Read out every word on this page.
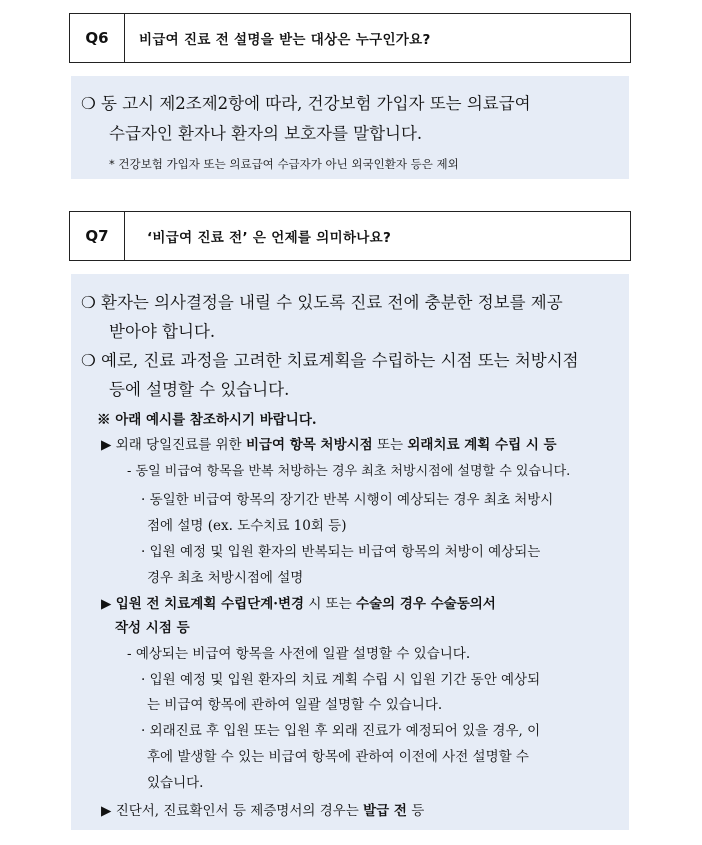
Q6	비급여 진료 전 설명을 받는 대상은 누구인가요?
❍ 동 고시 제2조제2항에 따라, 건강보험 가입자 또는 의료급여
수급자인 환자나 환자의 보호자를 말합니다.
* 건강보험 가입자 또는 의료급여 수급자가 아닌 외국인환자 등은 제외
Q7	‘비급여 진료 전’ 은 언제를 의미하나요?
❍ 환자는 의사결정을 내릴 수 있도록 진료 전에 충분한 정보를 제공
받아야 합니다.
❍ 예로, 진료 과정을 고려한 치료계획을 수립하는 시점 또는 처방시점
등에 설명할 수 있습니다.
※ 아래 예시를 참조하시기 바랍니다.
▶ 외래 당일진료를 위한 비급여 항목 처방시점 또는 외래치료 계획 수립 시 등
- 동일 비급여 항목을 반복 처방하는 경우 최초 처방시점에 설명할 수 있습니다.
· 동일한 비급여 항목의 장기간 반복 시행이 예상되는 경우 최초 처방시
점에 설명 (ex. 도수치료 10회 등)
· 입원 예정 및 입원 환자의 반복되는 비급여 항목의 처방이 예상되는
경우 최초 처방시점에 설명
▶ 입원 전 치료계획 수립단계·변경 시 또는 수술의 경우 수술동의서
작성 시점 등
- 예상되는 비급여 항목을 사전에 일괄 설명할 수 있습니다.
· 입원 예정 및 입원 환자의 치료 계획 수립 시 입원 기간 동안 예상되
는 비급여 항목에 관하여 일괄 설명할 수 있습니다.
· 외래진료 후 입원 또는 입원 후 외래 진료가 예정되어 있을 경우, 이
후에 발생할 수 있는 비급여 항목에 관하여 이전에 사전 설명할 수
있습니다.
▶ 진단서, 진료확인서 등 제증명서의 경우는 발급 전 등
